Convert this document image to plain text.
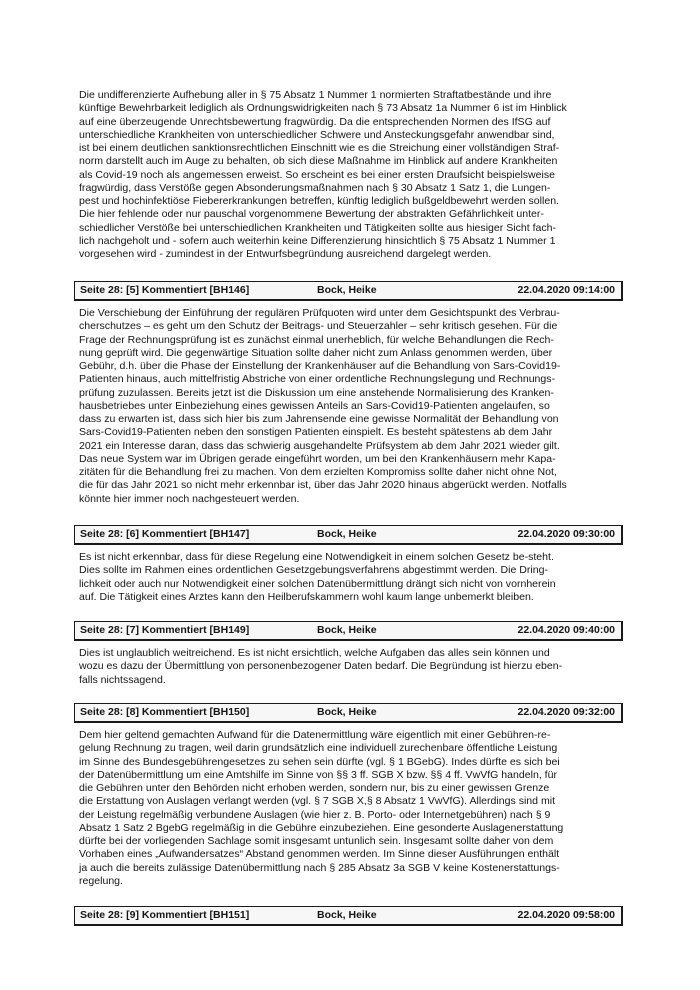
Die undifferenzierte Aufhebung aller in § 75 Absatz 1 Nummer 1 normierten Straftatbestände und ihre
künftige Bewehrbarkeit lediglich als Ordnungswidrigkeiten nach § 73 Absatz 1a Nummer 6 ist im Hinblick
auf eine überzeugende Unrechtsbewertung fragwürdig. Da die entsprechenden Normen des IfSG auf
unterschiedliche Krankheiten von unterschiedlicher Schwere und Ansteckungsgefahr anwendbar sind,
ist bei einem deutlichen sanktionsrechtlichen Einschnitt wie es die Streichung einer vollständigen Straf-
norm darstellt auch im Auge zu behalten, ob sich diese Maßnahme im Hinblick auf andere Krankheiten
als Covid-19 noch als angemessen erweist. So erscheint es bei einer ersten Draufsicht beispielsweise
fragwürdig, dass Verstöße gegen Absonderungsmaßnahmen nach § 30 Absatz 1 Satz 1, die Lungen-
pest und hochinfektiöse Fiebererkrankungen betreffen, künftig lediglich bußgeldbewehrt werden sollen.
Die hier fehlende oder nur pauschal vorgenommene Bewertung der abstrakten Gefährlichkeit unter-
schiedlicher Verstöße bei unterschiedlichen Krankheiten und Tätigkeiten sollte aus hiesiger Sicht fach-
lich nachgeholt und - sofern auch weiterhin keine Differenzierung hinsichtlich § 75 Absatz 1 Nummer 1
vorgesehen wird - zumindest in der Entwurfsbegründung ausreichend dargelegt werden.

Seite 28: [5] Kommentiert [BH146]	Bock, Heike	22.04.2020 09:14:00

Die Verschiebung der Einführung der regulären Prüfquoten wird unter dem Gesichtspunkt des Verbrau-
cherschutzes – es geht um den Schutz der Beitrags- und Steuerzahler – sehr kritisch gesehen. Für die
Frage der Rechnungsprüfung ist es zunächst einmal unerheblich, für welche Behandlungen die Rech-
nung geprüft wird. Die gegenwärtige Situation sollte daher nicht zum Anlass genommen werden, über
Gebühr, d.h. über die Phase der Einstellung der Krankenhäuser auf die Behandlung von Sars-Covid19-
Patienten hinaus, auch mittelfristig Abstriche von einer ordentliche Rechnungslegung und Rechnungs-
prüfung zuzulassen. Bereits jetzt ist die Diskussion um eine anstehende Normalisierung des Kranken-
hausbetriebes unter Einbeziehung eines gewissen Anteils an Sars-Covid19-Patienten angelaufen, so
dass zu erwarten ist, dass sich hier bis zum Jahrensende eine gewisse Normalität der Behandlung von
Sars-Covid19-Patienten neben den sonstigen Patienten einspielt. Es besteht spätestens ab dem Jahr
2021 ein Interesse daran, dass das schwierig ausgehandelte Prüfsystem ab dem Jahr 2021 wieder gilt.
Das neue System war im Übrigen gerade eingeführt worden, um bei den Krankenhäusern mehr Kapa-
zitäten für die Behandlung frei zu machen. Von dem erzielten Kompromiss sollte daher nicht ohne Not,
die für das Jahr 2021 so nicht mehr erkennbar ist, über das Jahr 2020 hinaus abgerückt werden. Notfalls
könnte hier immer noch nachgesteuert werden.

Seite 28: [6] Kommentiert [BH147]	Bock, Heike	22.04.2020 09:30:00

Es ist nicht erkennbar, dass für diese Regelung eine Notwendigkeit in einem solchen Gesetz be-steht.
Dies sollte im Rahmen eines ordentlichen Gesetzgebungsverfahrens abgestimmt werden. Die Dring-
lichkeit oder auch nur Notwendigkeit einer solchen Datenübermittlung drängt sich nicht von vornherein
auf. Die Tätigkeit eines Arztes kann den Heilberufskammern wohl kaum lange unbemerkt bleiben.

Seite 28: [7] Kommentiert [BH149]	Bock, Heike	22.04.2020 09:40:00

Dies ist unglaublich weitreichend. Es ist nicht ersichtlich, welche Aufgaben das alles sein können und
wozu es dazu der Übermittlung von personenbezogener Daten bedarf. Die Begründung ist hierzu eben-
falls nichtssagend.

Seite 28: [8] Kommentiert [BH150]	Bock, Heike	22.04.2020 09:32:00

Dem hier geltend gemachten Aufwand für die Datenermittlung wäre eigentlich mit einer Gebühren-re-
gelung Rechnung zu tragen, weil darin grundsätzlich eine individuell zurechenbare öffentliche Leistung
im Sinne des Bundesgebührengesetzes zu sehen sein dürfte (vgl. § 1 BGebG). Indes dürfte es sich bei
der Datenübermittlung um eine Amtshilfe im Sinne von §§ 3 ff. SGB X bzw. §§ 4 ff. VwVfG handeln, für
die Gebühren unter den Behörden nicht erhoben werden, sondern nur, bis zu einer gewissen Grenze
die Erstattung von Auslagen verlangt werden (vgl. § 7 SGB X,§ 8 Absatz 1 VwVfG). Allerdings sind mit
der Leistung regelmäßig verbundene Auslagen (wie hier z. B. Porto- oder Internetgebühren) nach § 9
Absatz 1 Satz 2 BgebG regelmäßig in die Gebühre einzubeziehen. Eine gesonderte Auslagenerstattung
dürfte bei der vorliegenden Sachlage somit insgesamt untunlich sein. Insgesamt sollte daher von dem
Vorhaben eines „Aufwandersatzes“ Abstand genommen werden. Im Sinne dieser Ausführungen enthält
ja auch die bereits zulässige Datenübermittlung nach § 285 Absatz 3a SGB V keine Kostenerstattungs-
regelung.

Seite 28: [9] Kommentiert [BH151]	Bock, Heike	22.04.2020 09:58:00
